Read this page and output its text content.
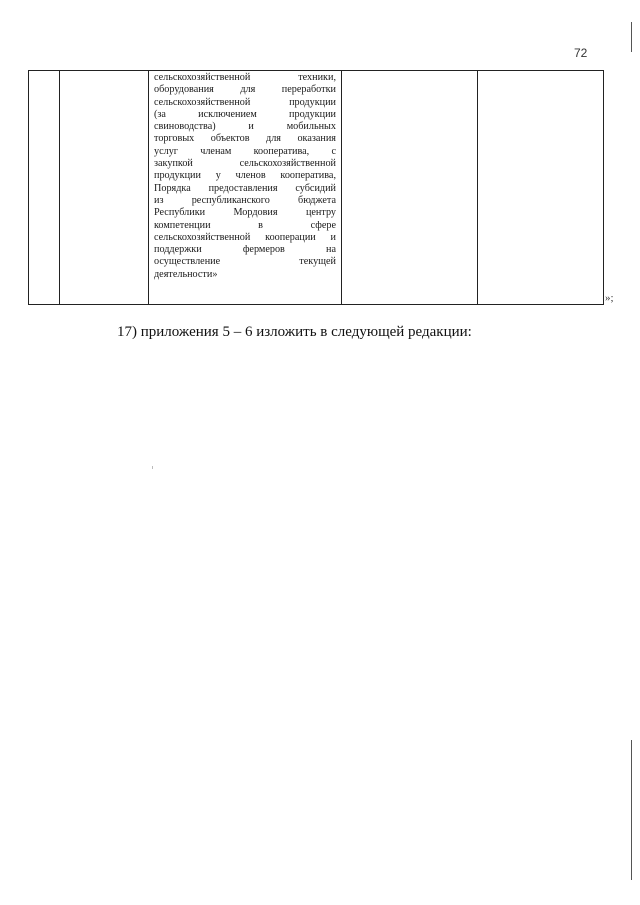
72

сельскохозяйственной техники,
оборудования для переработки
сельскохозяйственной продукции
(за исключением продукции
свиноводства) и мобильных
торговых объектов для оказания
услуг членам кооператива, с
закупкой сельскохозяйственной
продукции у членов кооператива,
Порядка предоставления субсидий
из республиканского бюджета
Республики Мордовия центру
компетенции в сфере
сельскохозяйственной кооперации и
поддержки фермеров на
осуществление текущей
деятельности»

»;
17) приложения 5 – 6 изложить в следующей редакции:
